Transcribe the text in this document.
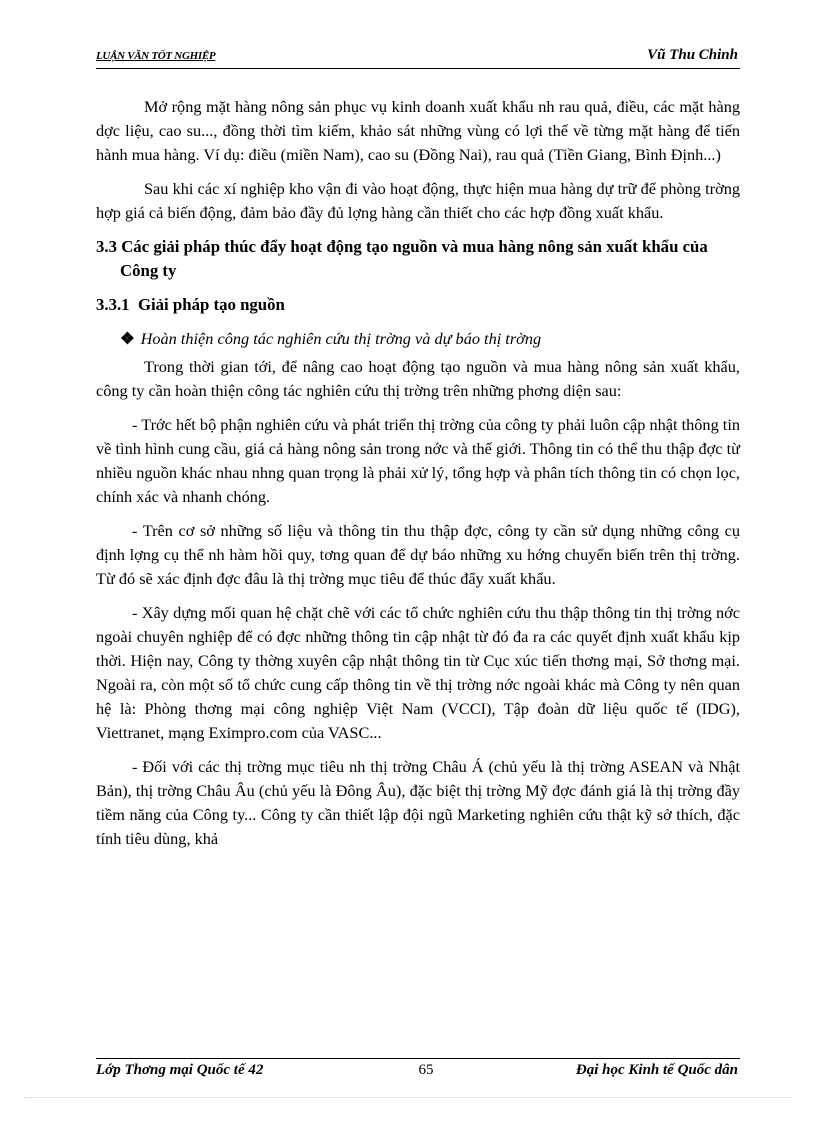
LUẬN VĂN TỐT NGHIỆP	Vũ Thu Chinh

Mở rộng mặt hàng nông sản phục vụ kinh doanh xuất khẩu nh rau quả, điều, các mặt hàng dợc liệu, cao su..., đồng thời tìm kiếm, khảo sát những vùng có lợi thế về từng mặt hàng để tiến hành mua hàng. Ví dụ: điều (miền Nam), cao su (Đồng Nai), rau quả (Tiền Giang, Bình Định...)

Sau khi các xí nghiệp kho vận đi vào hoạt động, thực hiện mua hàng dự trữ để phòng trờng hợp giá cả biến động, đảm bảo đầy đủ lợng hàng cần thiết cho các hợp đồng xuất khẩu.

3.3 Các giải pháp thúc đẩy hoạt động tạo nguồn và mua hàng nông sản xuất khẩu của Công ty
3.3.1 Giải pháp tạo nguồn
❖ Hoàn thiện công tác nghiên cứu thị trờng và dự báo thị trờng

Trong thời gian tới, để nâng cao hoạt động tạo nguồn và mua hàng nông sản xuất khẩu, công ty cần hoàn thiện công tác nghiên cứu thị trờng trên những phơng diện sau:

- Trớc hết bộ phận nghiên cứu và phát triển thị trờng của công ty phải luôn cập nhật thông tin về tình hình cung cầu, giá cả hàng nông sản trong nớc và thế giới. Thông tin có thể thu thập đợc từ nhiều nguồn khác nhau nhng quan trọng là phải xử lý, tổng hợp và phân tích thông tin có chọn lọc, chính xác và nhanh chóng.

- Trên cơ sở những số liệu và thông tin thu thập đợc, công ty cần sử dụng những công cụ định lợng cụ thể nh hàm hồi quy, tơng quan để dự báo những xu hớng chuyển biến trên thị trờng. Từ đó sẽ xác định đợc đâu là thị trờng mục tiêu để thúc đẩy xuất khẩu.

- Xây dựng mối quan hệ chặt chẽ với các tổ chức nghiên cứu thu thập thông tin thị trờng nớc ngoài chuyên nghiệp để có đợc những thông tin cập nhật từ đó đa ra các quyết định xuất khẩu kịp thời. Hiện nay, Công ty thờng xuyên cập nhật thông tin từ Cục xúc tiến thơng mại, Sở thơng mại. Ngoài ra, còn một số tổ chức cung cấp thông tin về thị trờng nớc ngoài khác mà Công ty nên quan hệ là: Phòng thơng mại công nghiệp Việt Nam (VCCI), Tập đoàn dữ liệu quốc tế (IDG), Viettranet, mạng Eximpro.com của VASC...

- Đối với các thị trờng mục tiêu nh thị trờng Châu Á (chủ yếu là thị trờng ASEAN và Nhật Bản), thị trờng Châu Âu (chủ yếu là Đông Âu), đặc biệt thị trờng Mỹ đợc đánh giá là thị trờng đầy tiềm năng của Công ty... Công ty cần thiết lập đội ngũ Marketing nghiên cứu thật kỹ sở thích, đặc tính tiêu dùng, khả

Lớp Thơng mại Quốc tế 42	65	Đại học Kinh tế Quốc dân
